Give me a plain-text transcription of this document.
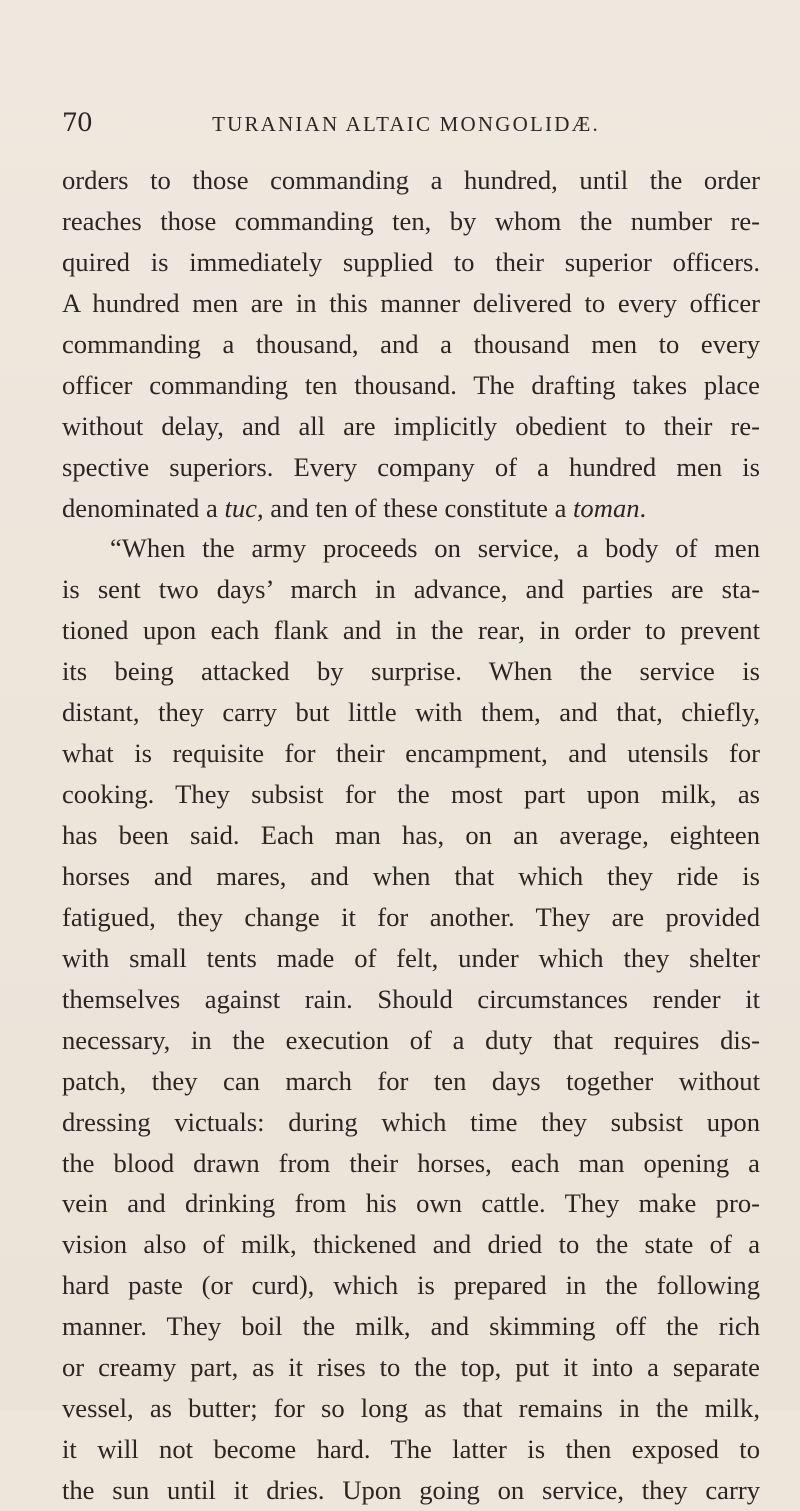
70	TURANIAN ALTAIC MONGOLIDÆ.
orders to those commanding a hundred, until the order
reaches those commanding ten, by whom the number re-
quired is immediately supplied to their superior officers.
A hundred men are in this manner delivered to every officer
commanding a thousand, and a thousand men to every
officer commanding ten thousand. The drafting takes place
without delay, and all are implicitly obedient to their re-
spective superiors. Every company of a hundred men is
denominated a tuc, and ten of these constitute a toman.
“When the army proceeds on service, a body of men
is sent two days’ march in advance, and parties are sta-
tioned upon each flank and in the rear, in order to prevent
its being attacked by surprise. When the service is
distant, they carry but little with them, and that, chiefly,
what is requisite for their encampment, and utensils for
cooking. They subsist for the most part upon milk, as
has been said. Each man has, on an average, eighteen
horses and mares, and when that which they ride is
fatigued, they change it for another. They are provided
with small tents made of felt, under which they shelter
themselves against rain. Should circumstances render it
necessary, in the execution of a duty that requires dis-
patch, they can march for ten days together without
dressing victuals: during which time they subsist upon
the blood drawn from their horses, each man opening a
vein and drinking from his own cattle. They make pro-
vision also of milk, thickened and dried to the state of a
hard paste (or curd), which is prepared in the following
manner. They boil the milk, and skimming off the rich
or creamy part, as it rises to the top, put it into a separate
vessel, as butter; for so long as that remains in the milk,
it will not become hard. The latter is then exposed to
the sun until it dries. Upon going on service, they carry
